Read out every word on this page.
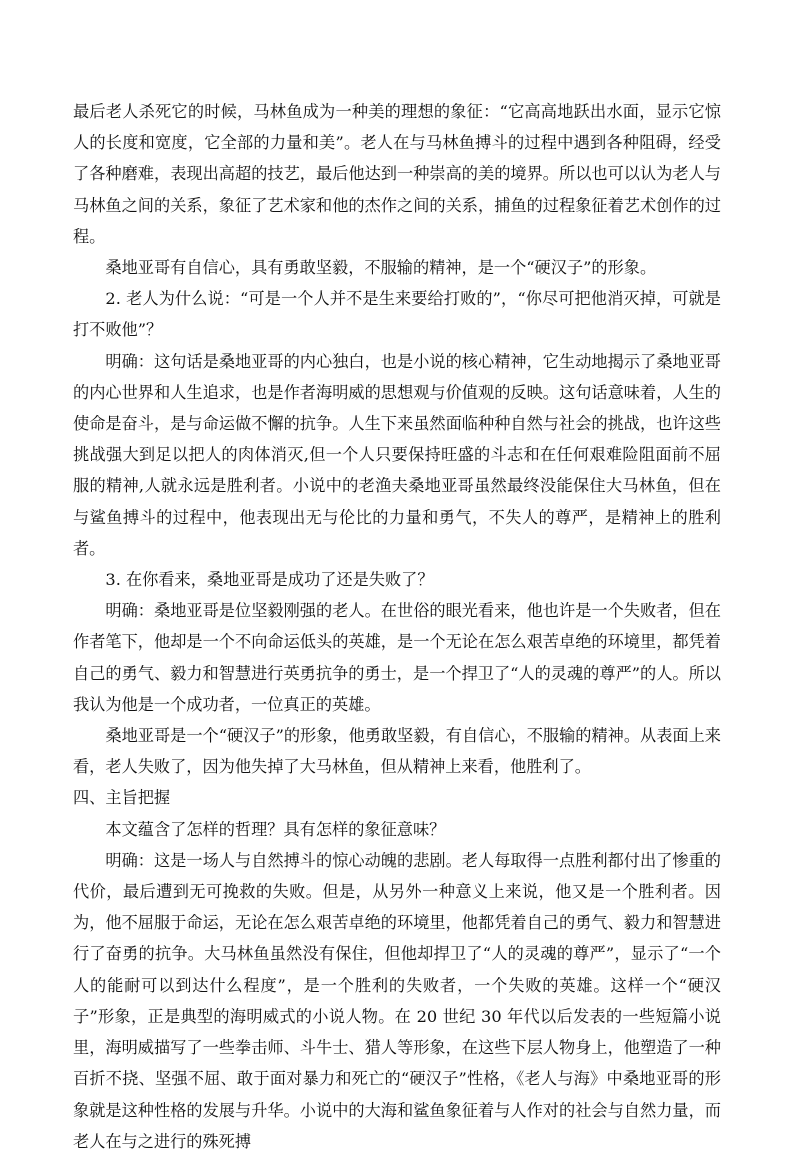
最后老人杀死它的时候，马林鱼成为一种美的理想的象征：“它高高地跃出水面，显示它惊人的长度和宽度，它全部的力量和美”。老人在与马林鱼搏斗的过程中遇到各种阻碍，经受了各种磨难，表现出高超的技艺，最后他达到一种崇高的美的境界。所以也可以认为老人与马林鱼之间的关系，象征了艺术家和他的杰作之间的关系，捕鱼的过程象征着艺术创作的过程。

桑地亚哥有自信心，具有勇敢坚毅，不服输的精神，是一个“硬汉子”的形象。

2. 老人为什么说：“可是一个人并不是生来要给打败的”，“你尽可把他消灭掉，可就是打不败他”？

明确：这句话是桑地亚哥的内心独白，也是小说的核心精神，它生动地揭示了桑地亚哥的内心世界和人生追求，也是作者海明威的思想观与价值观的反映。这句话意味着，人生的使命是奋斗，是与命运做不懈的抗争。人生下来虽然面临种种自然与社会的挑战，也许这些挑战强大到足以把人的肉体消灭,但一个人只要保持旺盛的斗志和在任何艰难险阻面前不屈服的精神,人就永远是胜利者。小说中的老渔夫桑地亚哥虽然最终没能保住大马林鱼，但在与鲨鱼搏斗的过程中，他表现出无与伦比的力量和勇气，不失人的尊严，是精神上的胜利者。

3. 在你看来，桑地亚哥是成功了还是失败了？

明确：桑地亚哥是位坚毅刚强的老人。在世俗的眼光看来，他也许是一个失败者，但在作者笔下，他却是一个不向命运低头的英雄，是一个无论在怎么艰苦卓绝的环境里，都凭着自己的勇气、毅力和智慧进行英勇抗争的勇士，是一个捍卫了“人的灵魂的尊严”的人。所以我认为他是一个成功者，一位真正的英雄。

桑地亚哥是一个“硬汉子”的形象，他勇敢坚毅，有自信心，不服输的精神。从表面上来看，老人失败了，因为他失掉了大马林鱼，但从精神上来看，他胜利了。

四、主旨把握

本文蕴含了怎样的哲理？具有怎样的象征意味？

明确：这是一场人与自然搏斗的惊心动魄的悲剧。老人每取得一点胜利都付出了惨重的代价，最后遭到无可挽救的失败。但是，从另外一种意义上来说，他又是一个胜利者。因为，他不屈服于命运，无论在怎么艰苦卓绝的环境里，他都凭着自己的勇气、毅力和智慧进行了奋勇的抗争。大马林鱼虽然没有保住，但他却捍卫了“人的灵魂的尊严”，显示了“一个人的能耐可以到达什么程度”，是一个胜利的失败者，一个失败的英雄。这样一个“硬汉子”形象，正是典型的海明威式的小说人物。在 20 世纪 30 年代以后发表的一些短篇小说里，海明威描写了一些拳击师、斗牛士、猎人等形象，在这些下层人物身上，他塑造了一种百折不挠、坚强不屈、敢于面对暴力和死亡的“硬汉子”性格，《老人与海》中桑地亚哥的形象就是这种性格的发展与升华。小说中的大海和鲨鱼象征着与人作对的社会与自然力量，而老人在与之进行的殊死搏
